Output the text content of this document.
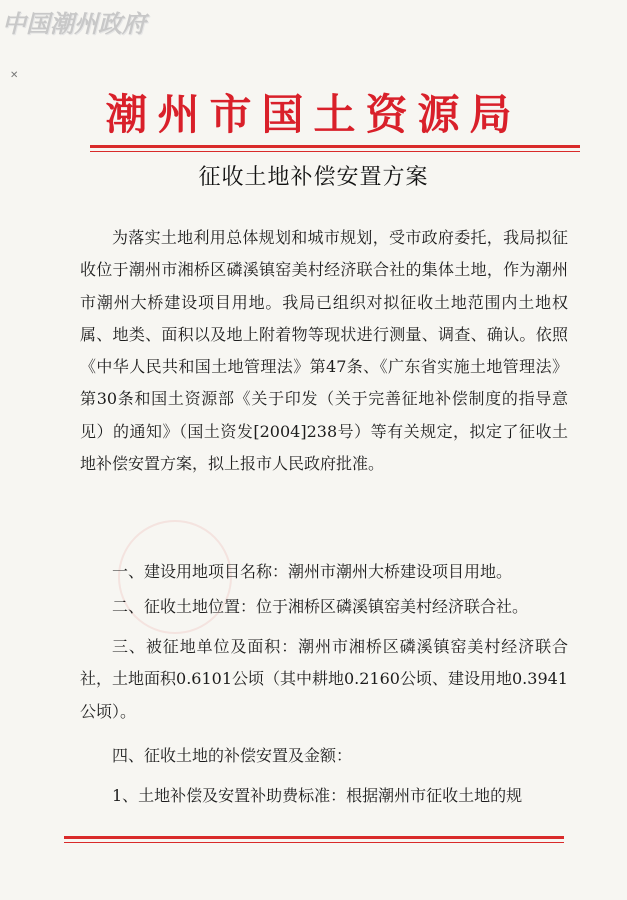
中国潮州政府
✕
潮州市国土资源局
征收土地补偿安置方案

为落实土地利用总体规划和城市规划，受市政府委托，我局拟征收位于潮州市湘桥区磷溪镇窑美村经济联合社的集体土地，作为潮州市潮州大桥建设项目用地。我局已组织对拟征收土地范围内土地权属、地类、面积以及地上附着物等现状进行测量、调查、确认。依照《中华人民共和国土地管理法》第47条、《广东省实施土地管理法》第30条和国土资源部《关于印发（关于完善征地补偿制度的指导意见）的通知》（国土资发[2004]238号）等有关规定，拟定了征收土地补偿安置方案，拟上报市人民政府批准。

一、建设用地项目名称：潮州市潮州大桥建设项目用地。

二、征收土地位置：位于湘桥区磷溪镇窑美村经济联合社。

三、被征地单位及面积：潮州市湘桥区磷溪镇窑美村经济联合社，土地面积0.6101公顷（其中耕地0.2160公顷、建设用地0.3941公顷）。

四、征收土地的补偿安置及金额：

1、土地补偿及安置补助费标准：根据潮州市征收土地的规
